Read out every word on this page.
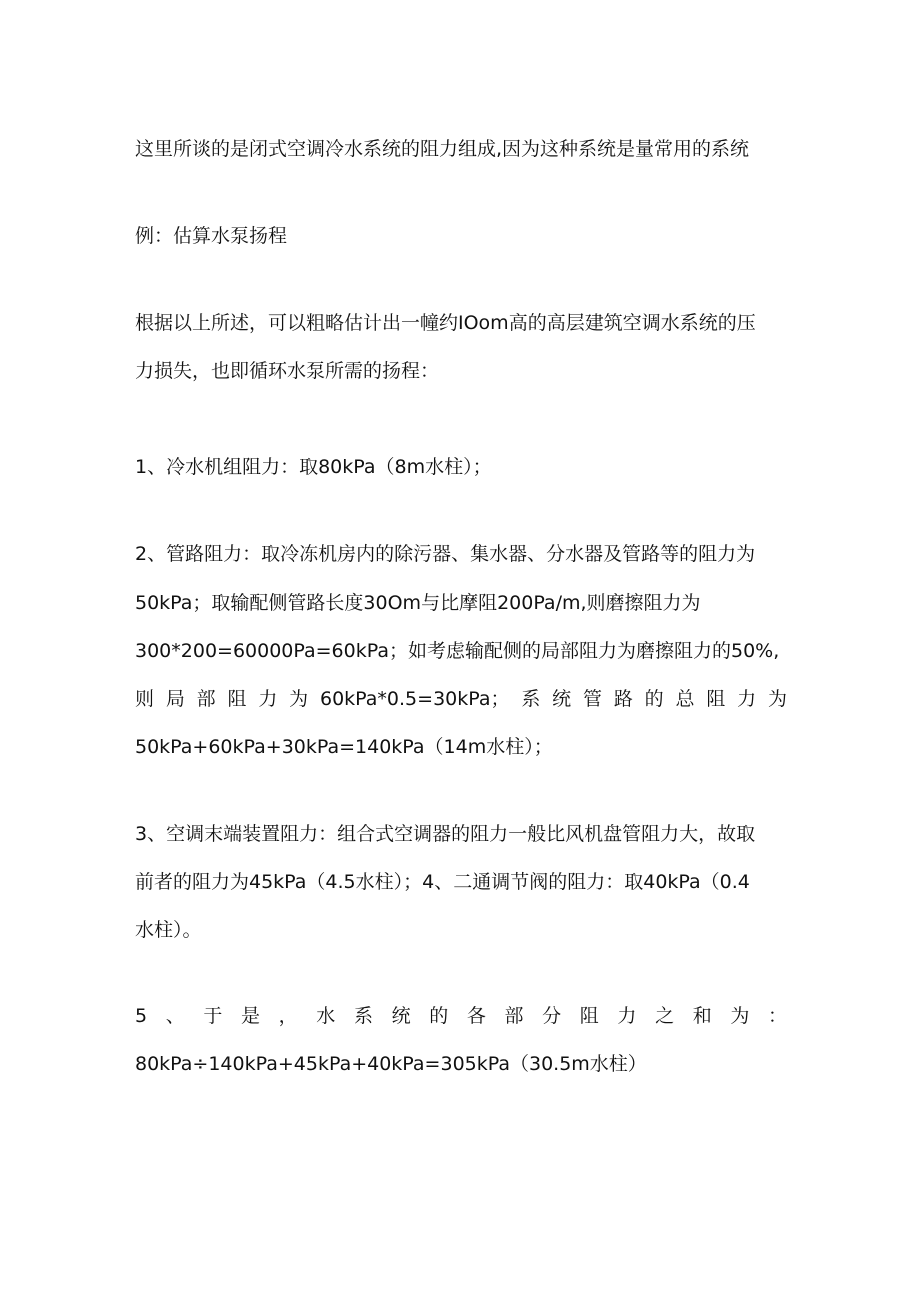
这里所谈的是闭式空调冷水系统的阻力组成,因为这种系统是量常用的系统
例：估算水泵扬程
根据以上所述，可以粗略估计出一幢约IOom高的高层建筑空调水系统的压
力损失，也即循环水泵所需的扬程：
1、冷水机组阻力：取80kPa（8m水柱）；
2、管路阻力：取冷冻机房内的除污器、集水器、分水器及管路等的阻力为
50kPa；取输配侧管路长度30Om与比摩阻200Pa/m,则磨擦阻力为
300*200=60000Pa=60kPa；如考虑输配侧的局部阻力为磨擦阻力的50%,
则局部阻力为60kPa*0.5=30kPa；系统管路的总阻力为
50kPa+60kPa+30kPa=140kPa（14m水柱）；
3、空调末端装置阻力：组合式空调器的阻力一般比风机盘管阻力大，故取
前者的阻力为45kPa（4.5水柱）；4、二通调节阀的阻力：取40kPa（0.4
水柱）。
5、于是，水系统的各部分阻力之和为：
80kPa÷140kPa+45kPa+40kPa=305kPa（30.5m水柱）
